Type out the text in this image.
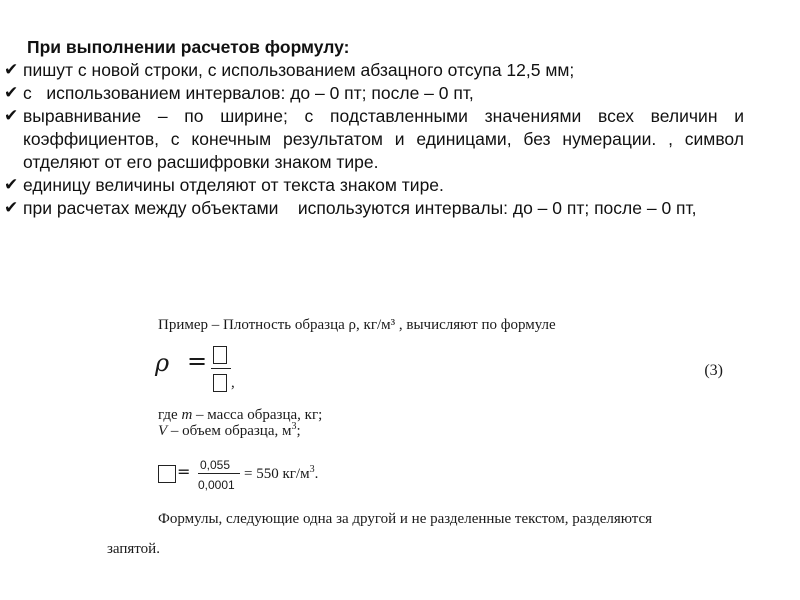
При выполнении расчетов формулу:
✔ пишут с новой строки, с использованием абзацного отсупа 12,5 мм;
✔ с   использованием интервалов: до – 0 пт; после – 0 пт,
✔ выравнивание – по ширине; с подставленными значениями всех величин и коэффициентов, с конечным результатом и единицами, без нумерации. , символ отделяют от его расшифровки знаком тире.
✔ единицу величины отделяют от текста знаком тире.
✔ при расчетах между объектами    используются интервалы: до – 0 пт; после – 0 пт,
Пример – Плотность образца ρ, кг/м³ , вычисляют по формуле
ρ =
,
(3)
где m – масса образца, кг;
V – объем образца, $м^3$;
= 0,055
0,0001
= 550 $кг/м^3$.
Формулы, следующие одна за другой и не разделенные текстом, разделяются
запятой.
